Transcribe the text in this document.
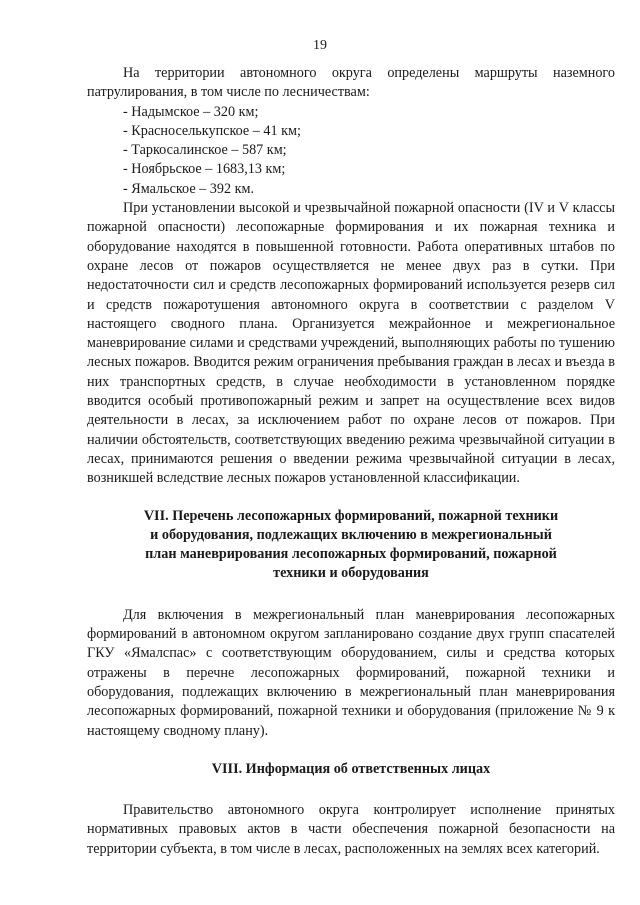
19

На территории автономного округа определены маршруты наземного патрулирования, в том числе по лесничествам:

- Надымское – 320 км;
- Красноселькупское – 41 км;
- Таркосалинское – 587 км;
- Ноябрьское – 1683,13 км;
- Ямальское – 392 км.

При установлении высокой и чрезвычайной пожарной опасности (IV и V классы пожарной опасности) лесопожарные формирования и их пожарная техника и оборудование находятся в повышенной готовности. Работа оперативных штабов по охране лесов от пожаров осуществляется не менее двух раз в сутки. При недостаточности сил и средств лесопожарных формирований используется резерв сил и средств пожаротушения автономного округа в соответствии с разделом V настоящего сводного плана. Организуется межрайонное и межрегиональное маневрирование силами и средствами учреждений, выполняющих работы по тушению лесных пожаров. Вводится режим ограничения пребывания граждан в лесах и въезда в них транспортных средств, в случае необходимости в установленном порядке вводится особый противопожарный режим и запрет на осуществление всех видов деятельности в лесах, за исключением работ по охране лесов от пожаров. При наличии обстоятельств, соответствующих введению режима чрезвычайной ситуации в лесах, принимаются решения о введении режима чрезвычайной ситуации в лесах, возникшей вследствие лесных пожаров установленной классификации.

VII. Перечень лесопожарных формирований, пожарной техники
и оборудования, подлежащих включению в межрегиональный
план маневрирования лесопожарных формирований, пожарной
техники и оборудования

Для включения в межрегиональный план маневрирования лесопожарных формирований в автономном округом запланировано создание двух групп спасателей ГКУ «Ямалспас» с соответствующим оборудованием, силы и средства которых отражены в перечне лесопожарных формирований, пожарной техники и оборудования, подлежащих включению в межрегиональный план маневрирования лесопожарных формирований, пожарной техники и оборудования (приложение № 9 к настоящему сводному плану).

VIII. Информация об ответственных лицах

Правительство автономного округа контролирует исполнение принятых нормативных правовых актов в части обеспечения пожарной безопасности на территории субъекта, в том числе в лесах, расположенных на землях всех категорий.
